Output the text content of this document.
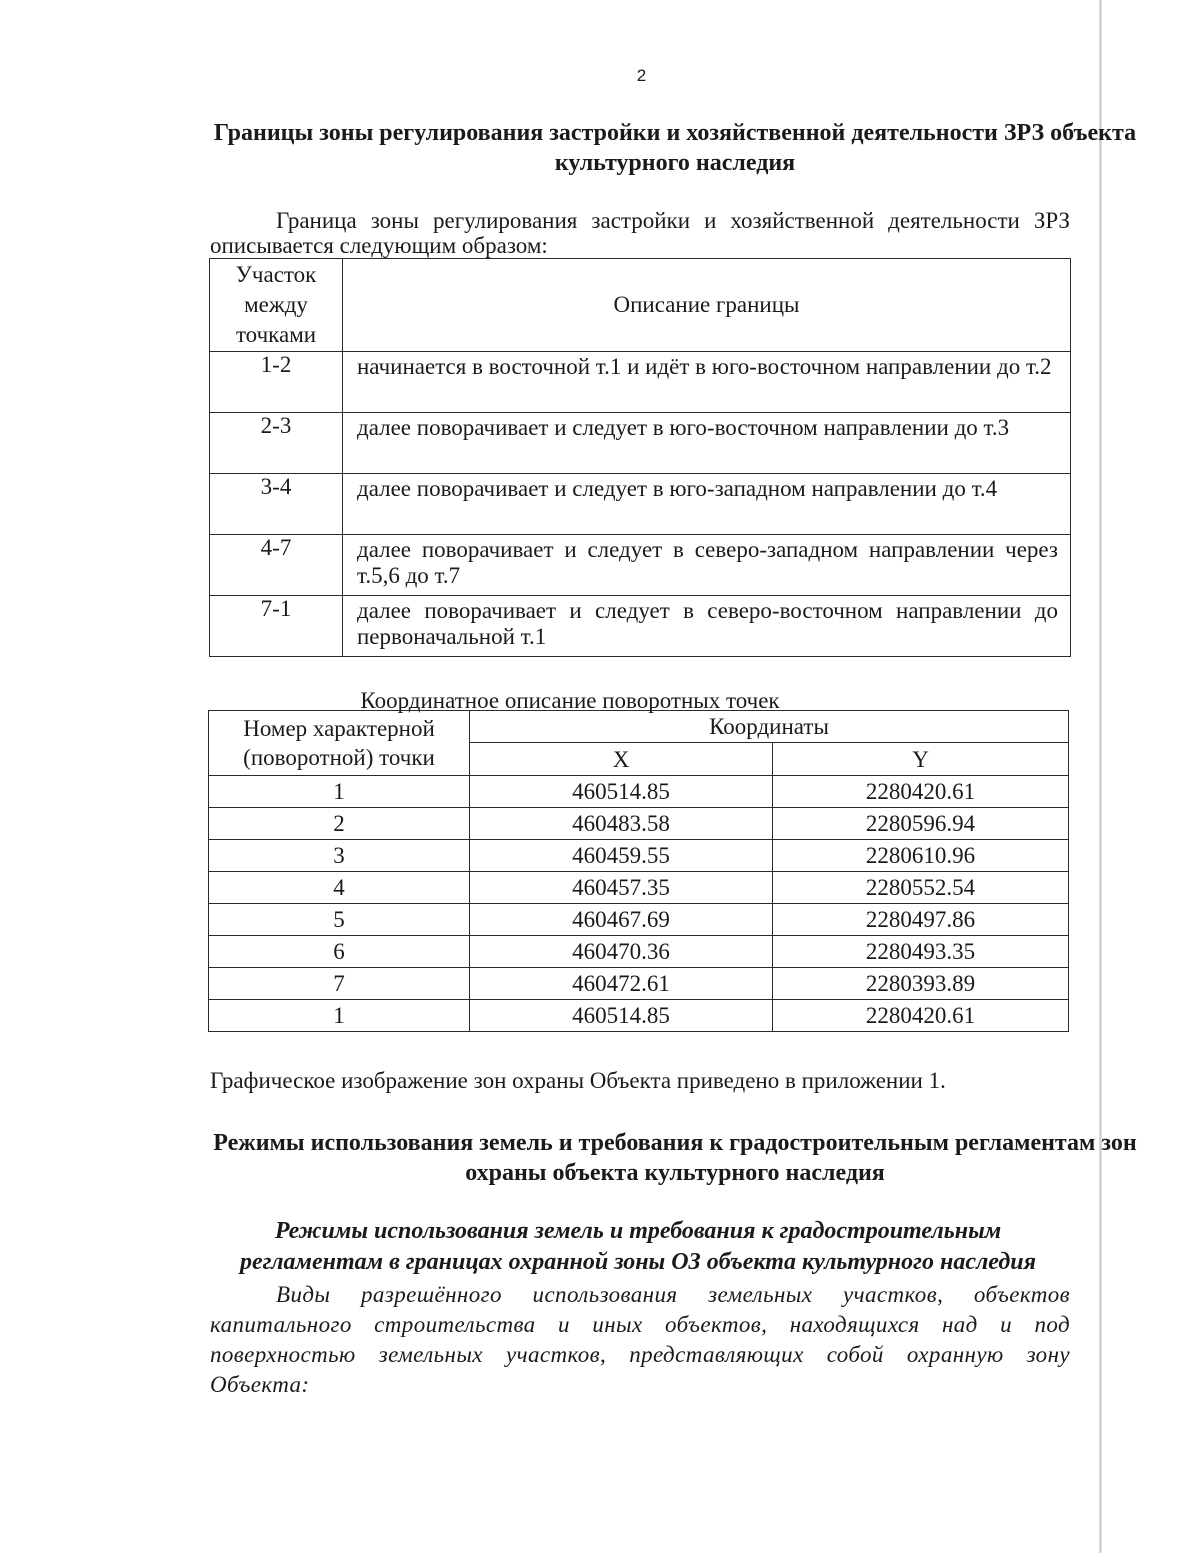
2
Границы зоны регулирования застройки и хозяйственной деятельности ЗРЗ объекта культурного наследия
Граница зоны регулирования застройки и хозяйственной деятельности ЗРЗ описывается следующим образом:
Участок между точками	Описание границы
1-2	начинается в восточной т.1 и идёт в юго-восточном направлении до т.2
2-3	далее поворачивает и следует в юго-восточном направлении до т.3
3-4	далее поворачивает и следует в юго-западном направлении до т.4
4-7	далее поворачивает и следует в северо-западном направлении через т.5,6 до т.7
7-1	далее поворачивает и следует в северо-восточном направлении до первоначальной т.1
Координатное описание поворотных точек
Номер характерной (поворотной) точки	Координаты	
	X	Y
1	460514.85	2280420.61
2	460483.58	2280596.94
3	460459.55	2280610.96
4	460457.35	2280552.54
5	460467.69	2280497.86
6	460470.36	2280493.35
7	460472.61	2280393.89
1	460514.85	2280420.61
Графическое изображение зон охраны Объекта приведено в приложении 1.
Режимы использования земель и требования к градостроительным регламентам зон охраны объекта культурного наследия
Режимы использования земель и требования к градостроительным регламентам в границах охранной зоны ОЗ объекта культурного наследия
Виды разрешённого использования земельных участков, объектов капитального строительства и иных объектов, находящихся над и под поверхностью земельных участков, представляющих собой охранную зону Объекта:
